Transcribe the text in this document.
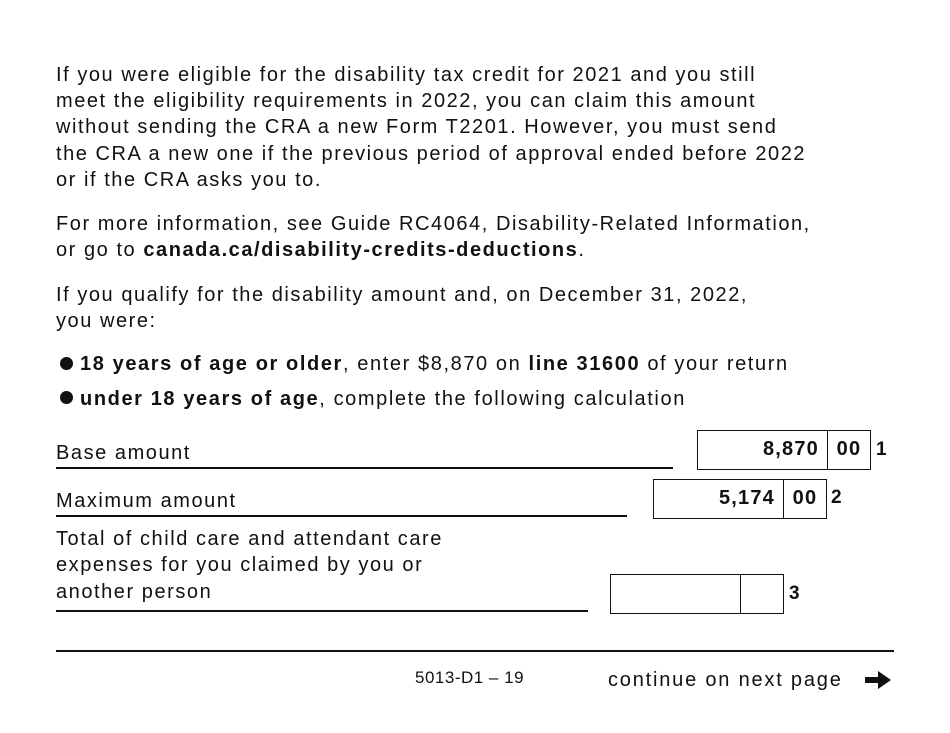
If you were eligible for the disability tax credit for 2021 and you still
meet the eligibility requirements in 2022, you can claim this amount
without sending the CRA a new Form T2201. However, you must send
the CRA a new one if the previous period of approval ended before 2022
or if the CRA asks you to.
For more information, see Guide RC4064, Disability-Related Information,
or go to canada.ca/disability-credits-deductions.
If you qualify for the disability amount and, on December 31, 2022,
you were:
18 years of age or older, enter $8,870 on line 31600 of your return
under 18 years of age, complete the following calculation
Base amount	8,870 00 1
Maximum amount	5,174 00 2
Total of child care and attendant care
expenses for you claimed by you or
another person	3
5013-D1 – 19	continue on next page
